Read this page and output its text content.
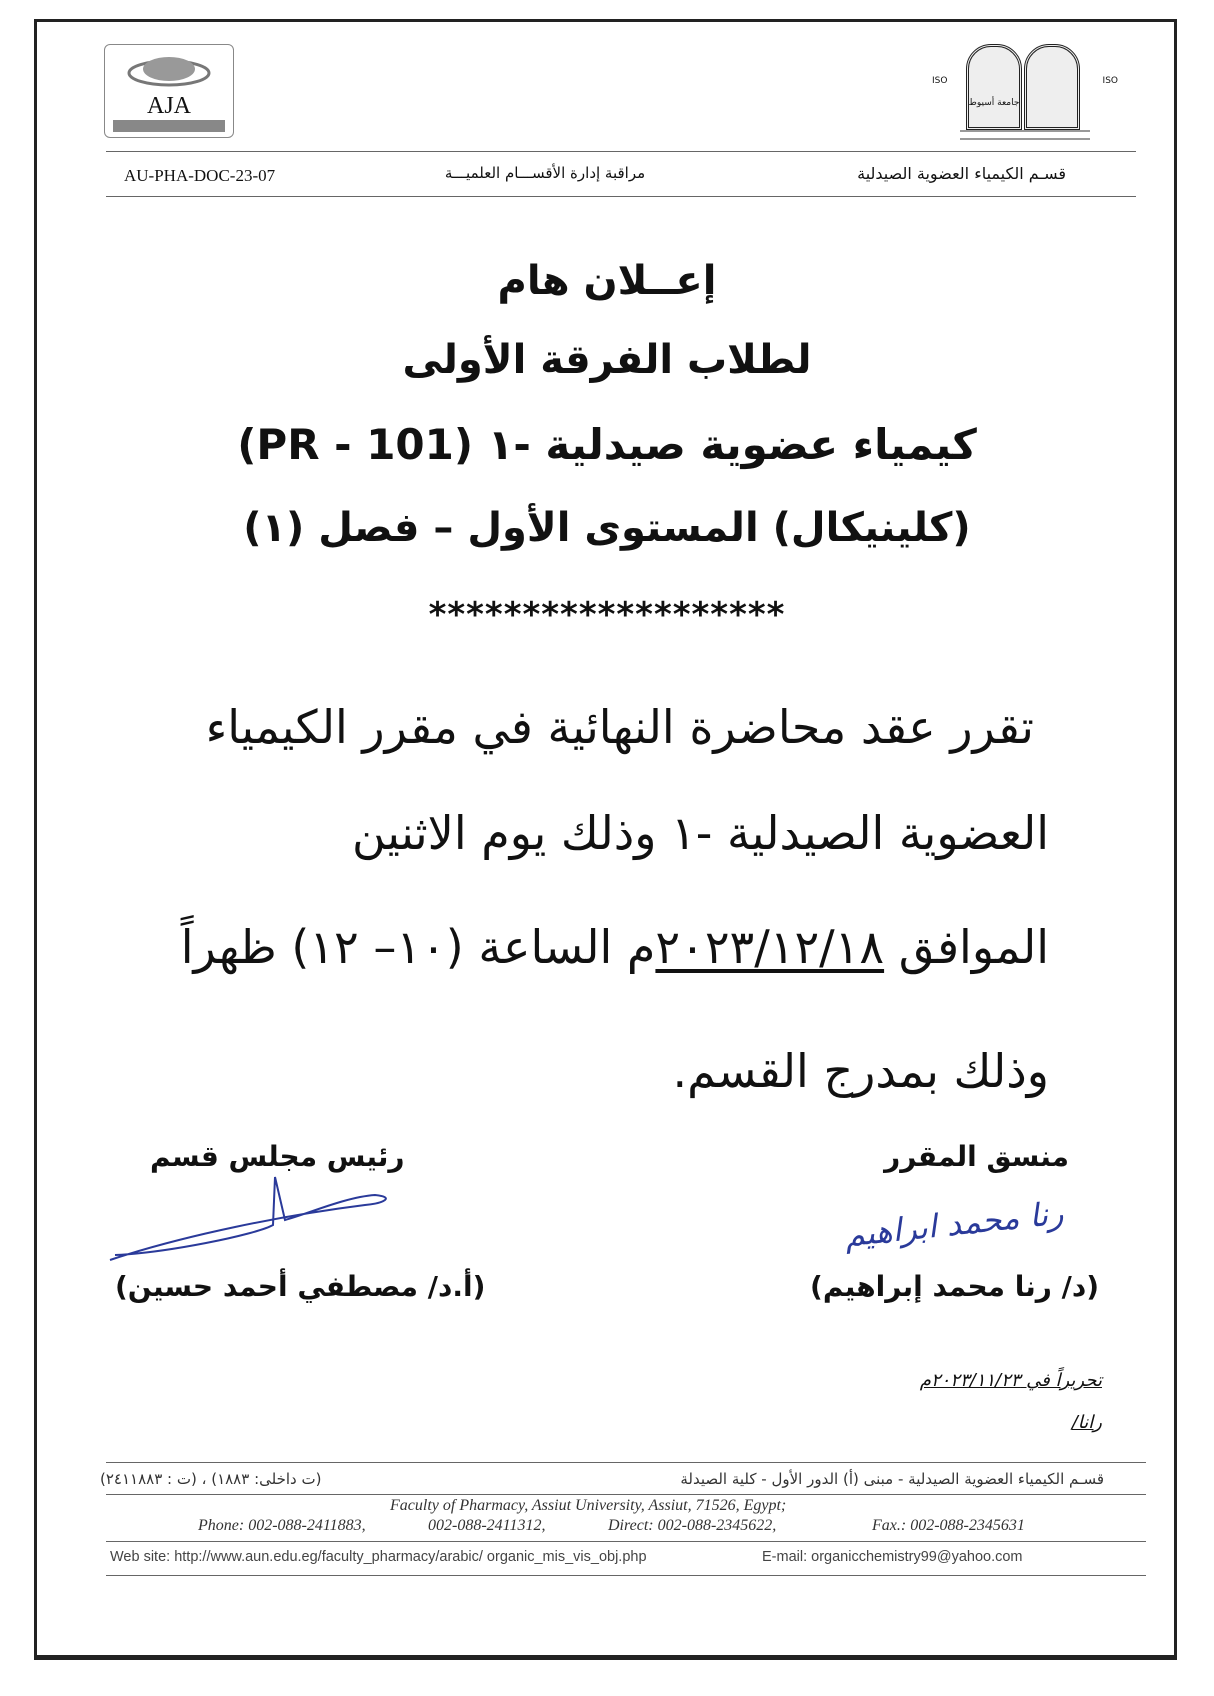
AJA
ISO	ISO
جامعة أسيوط
AU-PHA-DOC-23-07	مراقبة إدارة الأقســـام العلميـــة	قسـم الكيمياء العضوية الصيدلية
إعــلان هام
لطلاب الفرقة الأولى
كيمياء عضوية صيدلية -١ (PR - 101)
(كلينيكال) المستوى الأول – فصل (١)
*******************
تقرر عقد محاضرة النهائية في مقرر الكيمياء
العضوية الصيدلية -١ وذلك يوم الاثنين
الموافق ٢٠٢٣/١٢/١٨م الساعة (١٠– ١٢) ظهراً
وذلك بمدرج القسم.
منسق المقرر
رنا محمد ابراهيم
(د/ رنا محمد إبراهيم)
رئيس مجلس قسم
(أ.د/ مصطفي أحمد حسين)
تحريراً في ٢٠٢٣/١١/٢٣م
رانا/
قسـم الكيمياء العضوية الصيدلية - مبنى (أ) الدور الأول - كلية الصيدلة
(ت داخلى: ١٨٨٣) ، (ت : ٢٤١١٨٨٣)
Faculty of Pharmacy, Assiut University, Assiut, 71526, Egypt;
Phone: 002-088-2411883,	002-088-2411312,	Direct: 002-088-2345622,	Fax.: 002-088-2345631
Web site: http://www.aun.edu.eg/faculty_pharmacy/arabic/ organic_mis_vis_obj.php	E-mail: organicchemistry99@yahoo.com
